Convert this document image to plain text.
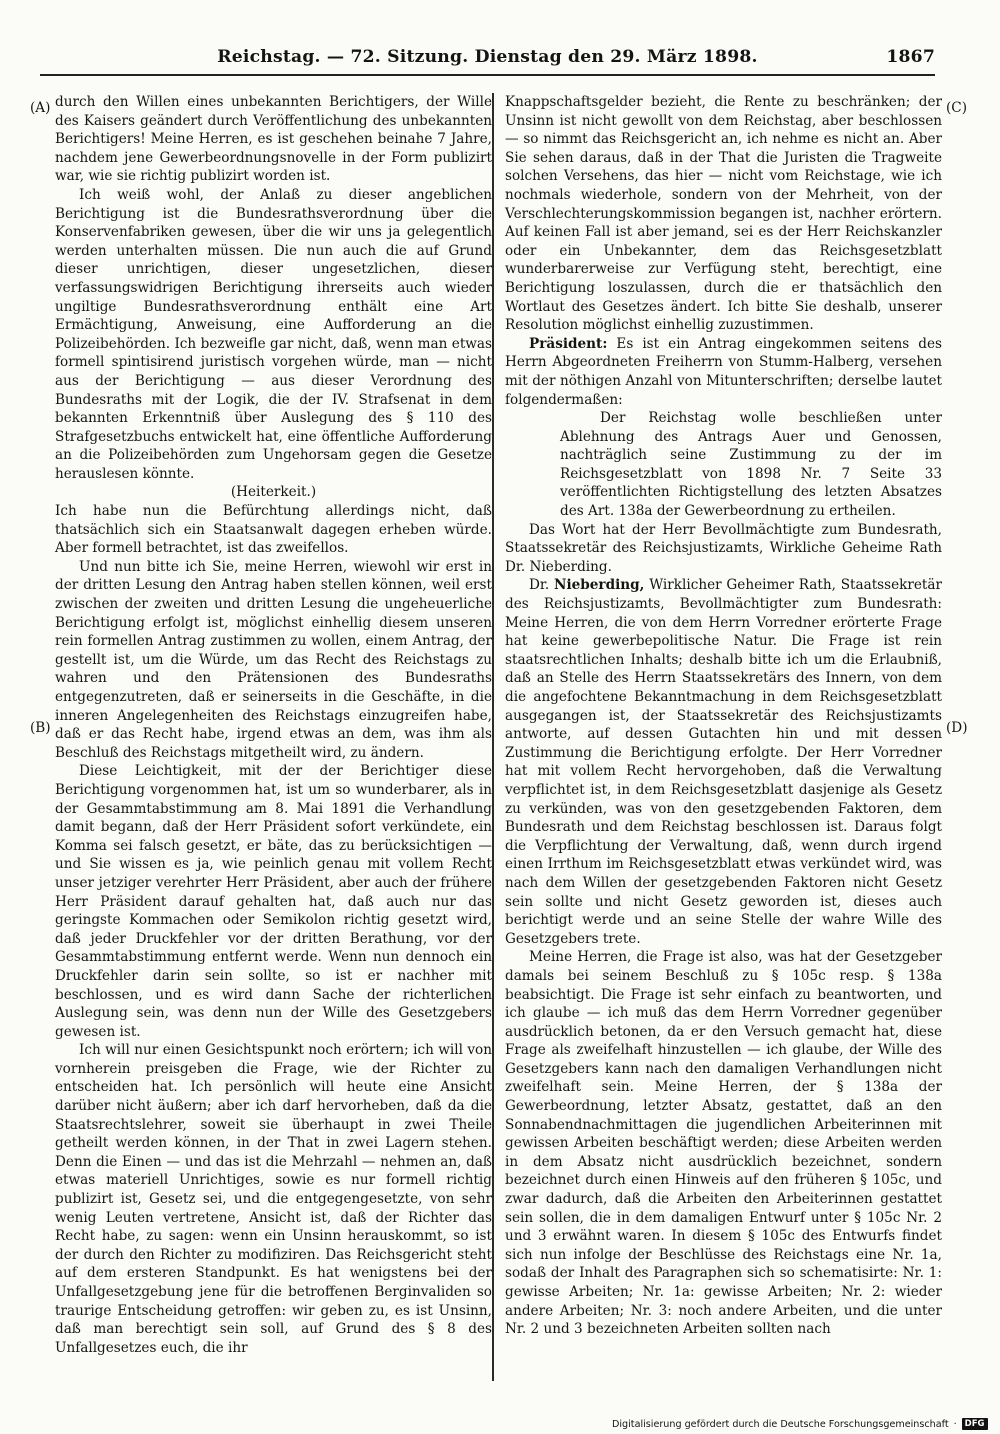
Reichstag. — 72. Sitzung. Dienstag den 29. März 1898.	1867
(A)
(B)
(C)
(D)

durch den Willen eines unbekannten Berichtigers, der Wille des Kaisers geändert durch Veröffentlichung des unbekannten Berichtigers! Meine Herren, es ist geschehen beinahe 7 Jahre, nachdem jene Gewerbeordnungsnovelle in der Form publizirt war, wie sie richtig publizirt worden ist.

Ich weiß wohl, der Anlaß zu dieser angeblichen Berichtigung ist die Bundesrathsverordnung über die Konservenfabriken gewesen, über die wir uns ja gelegentlich werden unterhalten müssen. Die nun auch die auf Grund dieser unrichtigen, dieser ungesetzlichen, dieser verfassungswidrigen Berichtigung ihrerseits auch wieder ungiltige Bundesrathsverordnung enthält eine Art Ermächtigung, Anweisung, eine Aufforderung an die Polizeibehörden. Ich bezweifle gar nicht, daß, wenn man etwas formell spintisirend juristisch vorgehen würde, man — nicht aus der Berichtigung — aus dieser Verordnung des Bundesraths mit der Logik, die der IV. Strafsenat in dem bekannten Erkenntniß über Auslegung des § 110 des Strafgesetzbuchs entwickelt hat, eine öffentliche Aufforderung an die Polizeibehörden zum Ungehorsam gegen die Gesetze herauslesen könnte.

(Heiterkeit.)

Ich habe nun die Befürchtung allerdings nicht, daß thatsächlich sich ein Staatsanwalt dagegen erheben würde. Aber formell betrachtet, ist das zweifellos.

Und nun bitte ich Sie, meine Herren, wiewohl wir erst in der dritten Lesung den Antrag haben stellen können, weil erst zwischen der zweiten und dritten Lesung die ungeheuerliche Berichtigung erfolgt ist, möglichst einhellig diesem unseren rein formellen Antrag zustimmen zu wollen, einem Antrag, der gestellt ist, um die Würde, um das Recht des Reichstags zu wahren und den Prätensionen des Bundesraths entgegenzutreten, daß er seinerseits in die Geschäfte, in die inneren Angelegenheiten des Reichstags einzugreifen habe, daß er das Recht habe, irgend etwas an dem, was ihm als Beschluß des Reichstags mitgetheilt wird, zu ändern.

Diese Leichtigkeit, mit der der Berichtiger diese Berichtigung vorgenommen hat, ist um so wunderbarer, als in der Gesammtabstimmung am 8. Mai 1891 die Verhandlung damit begann, daß der Herr Präsident sofort verkündete, ein Komma sei falsch gesetzt, er bäte, das zu berücksichtigen — und Sie wissen es ja, wie peinlich genau mit vollem Recht unser jetziger verehrter Herr Präsident, aber auch der frühere Herr Präsident darauf gehalten hat, daß auch nur das geringste Kommachen oder Semikolon richtig gesetzt wird, daß jeder Druckfehler vor der dritten Berathung, vor der Gesammtabstimmung entfernt werde. Wenn nun dennoch ein Druckfehler darin sein sollte, so ist er nachher mit beschlossen, und es wird dann Sache der richterlichen Auslegung sein, was denn nun der Wille des Gesetzgebers gewesen ist.

Ich will nur einen Gesichtspunkt noch erörtern; ich will von vornherein preisgeben die Frage, wie der Richter zu entscheiden hat. Ich persönlich will heute eine Ansicht darüber nicht äußern; aber ich darf hervorheben, daß da die Staatsrechtslehrer, soweit sie überhaupt in zwei Theile getheilt werden können, in der That in zwei Lagern stehen. Denn die Einen — und das ist die Mehrzahl — nehmen an, daß etwas materiell Unrichtiges, sowie es nur formell richtig publizirt ist, Gesetz sei, und die entgegengesetzte, von sehr wenig Leuten vertretene, Ansicht ist, daß der Richter das Recht habe, zu sagen: wenn ein Unsinn herauskommt, so ist der durch den Richter zu modifiziren. Das Reichsgericht steht auf dem ersteren Standpunkt. Es hat wenigstens bei der Unfallgesetzgebung jene für die betroffenen Berginvaliden so traurige Entscheidung getroffen: wir geben zu, es ist Unsinn, daß man berechtigt sein soll, auf Grund des § 8 des Unfallgesetzes euch, die ihr

Knappschaftsgelder bezieht, die Rente zu beschränken; der Unsinn ist nicht gewollt von dem Reichstag, aber beschlossen — so nimmt das Reichsgericht an, ich nehme es nicht an. Aber Sie sehen daraus, daß in der That die Juristen die Tragweite solchen Versehens, das hier — nicht vom Reichstage, wie ich nochmals wiederhole, sondern von der Mehrheit, von der Verschlechterungskommission begangen ist, nachher erörtern. Auf keinen Fall ist aber jemand, sei es der Herr Reichskanzler oder ein Unbekannter, dem das Reichsgesetzblatt wunderbarerweise zur Verfügung steht, berechtigt, eine Berichtigung loszulassen, durch die er thatsächlich den Wortlaut des Gesetzes ändert. Ich bitte Sie deshalb, unserer Resolution möglichst einhellig zuzustimmen.

Präsident: Es ist ein Antrag eingekommen seitens des Herrn Abgeordneten Freiherrn von Stumm-Halberg, versehen mit der nöthigen Anzahl von Mitunterschriften; derselbe lautet folgendermaßen:

Der Reichstag wolle beschließen unter Ablehnung des Antrags Auer und Genossen, nachträglich seine Zustimmung zu der im Reichsgesetzblatt von 1898 Nr. 7 Seite 33 veröffentlichten Richtigstellung des letzten Absatzes des Art. 138a der Gewerbeordnung zu ertheilen.

Das Wort hat der Herr Bevollmächtigte zum Bundesrath, Staatssekretär des Reichsjustizamts, Wirkliche Geheime Rath Dr. Nieberding.

Dr. Nieberding, Wirklicher Geheimer Rath, Staatssekretär des Reichsjustizamts, Bevollmächtigter zum Bundesrath: Meine Herren, die von dem Herrn Vorredner erörterte Frage hat keine gewerbepolitische Natur. Die Frage ist rein staatsrechtlichen Inhalts; deshalb bitte ich um die Erlaubniß, daß an Stelle des Herrn Staatssekretärs des Innern, von dem die angefochtene Bekanntmachung in dem Reichsgesetzblatt ausgegangen ist, der Staatssekretär des Reichsjustizamts antworte, auf dessen Gutachten hin und mit dessen Zustimmung die Berichtigung erfolgte. Der Herr Vorredner hat mit vollem Recht hervorgehoben, daß die Verwaltung verpflichtet ist, in dem Reichsgesetzblatt dasjenige als Gesetz zu verkünden, was von den gesetzgebenden Faktoren, dem Bundesrath und dem Reichstag beschlossen ist. Daraus folgt die Verpflichtung der Verwaltung, daß, wenn durch irgend einen Irrthum im Reichsgesetzblatt etwas verkündet wird, was nach dem Willen der gesetzgebenden Faktoren nicht Gesetz sein sollte und nicht Gesetz geworden ist, dieses auch berichtigt werde und an seine Stelle der wahre Wille des Gesetzgebers trete.

Meine Herren, die Frage ist also, was hat der Gesetzgeber damals bei seinem Beschluß zu § 105c resp. § 138a beabsichtigt. Die Frage ist sehr einfach zu beantworten, und ich glaube — ich muß das dem Herrn Vorredner gegenüber ausdrücklich betonen, da er den Versuch gemacht hat, diese Frage als zweifelhaft hinzustellen — ich glaube, der Wille des Gesetzgebers kann nach den damaligen Verhandlungen nicht zweifelhaft sein. Meine Herren, der § 138a der Gewerbeordnung, letzter Absatz, gestattet, daß an den Sonnabendnachmittagen die jugendlichen Arbeiterinnen mit gewissen Arbeiten beschäftigt werden; diese Arbeiten werden in dem Absatz nicht ausdrücklich bezeichnet, sondern bezeichnet durch einen Hinweis auf den früheren § 105c, und zwar dadurch, daß die Arbeiten den Arbeiterinnen gestattet sein sollen, die in dem damaligen Entwurf unter § 105c Nr. 2 und 3 erwähnt waren. In diesem § 105c des Entwurfs findet sich nun infolge der Beschlüsse des Reichstags eine Nr. 1a, sodaß der Inhalt des Paragraphen sich so schematisirte: Nr. 1: gewisse Arbeiten; Nr. 1a: gewisse Arbeiten; Nr. 2: wieder andere Arbeiten; Nr. 3: noch andere Arbeiten, und die unter Nr. 2 und 3 bezeichneten Arbeiten sollten nach

Digitalisierung gefördert durch die Deutsche Forschungsgemeinschaft · DFG
